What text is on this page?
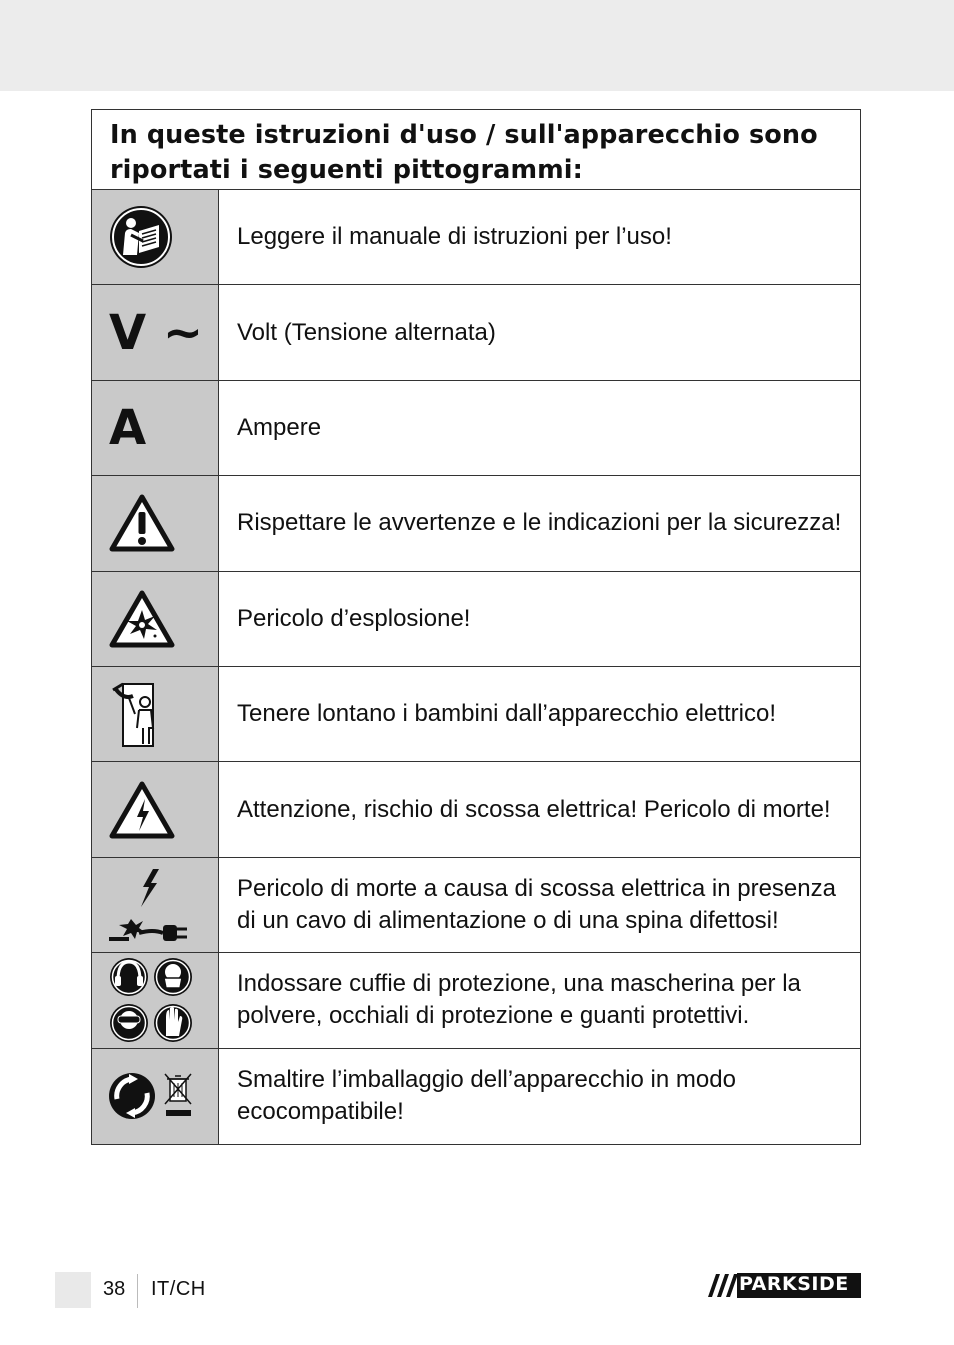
In queste istruzioni d'uso / sull'apparecchio sono riportati i seguenti pittogrammi:
Leggere il manuale di istruzioni per l’uso!
V ~	Volt (Tensione alternata)
A	Ampere
Rispettare le avvertenze e le indicazioni per la sicurezza!
Pericolo d’esplosione!
Tenere lontano i bambini dall’apparecchio elettrico!
Attenzione, rischio di scossa elettrica! Pericolo di morte!
Pericolo di morte a causa di scossa elettrica in presenza di un cavo di alimentazione o di una spina difettosi!
Indossare cuffie di protezione, una mascherina per la polvere, occhiali di protezione e guanti protettivi.
Smaltire l’imballaggio dell’apparecchio in modo ecocompatibile!
38 IT/CH	PARKSIDE
